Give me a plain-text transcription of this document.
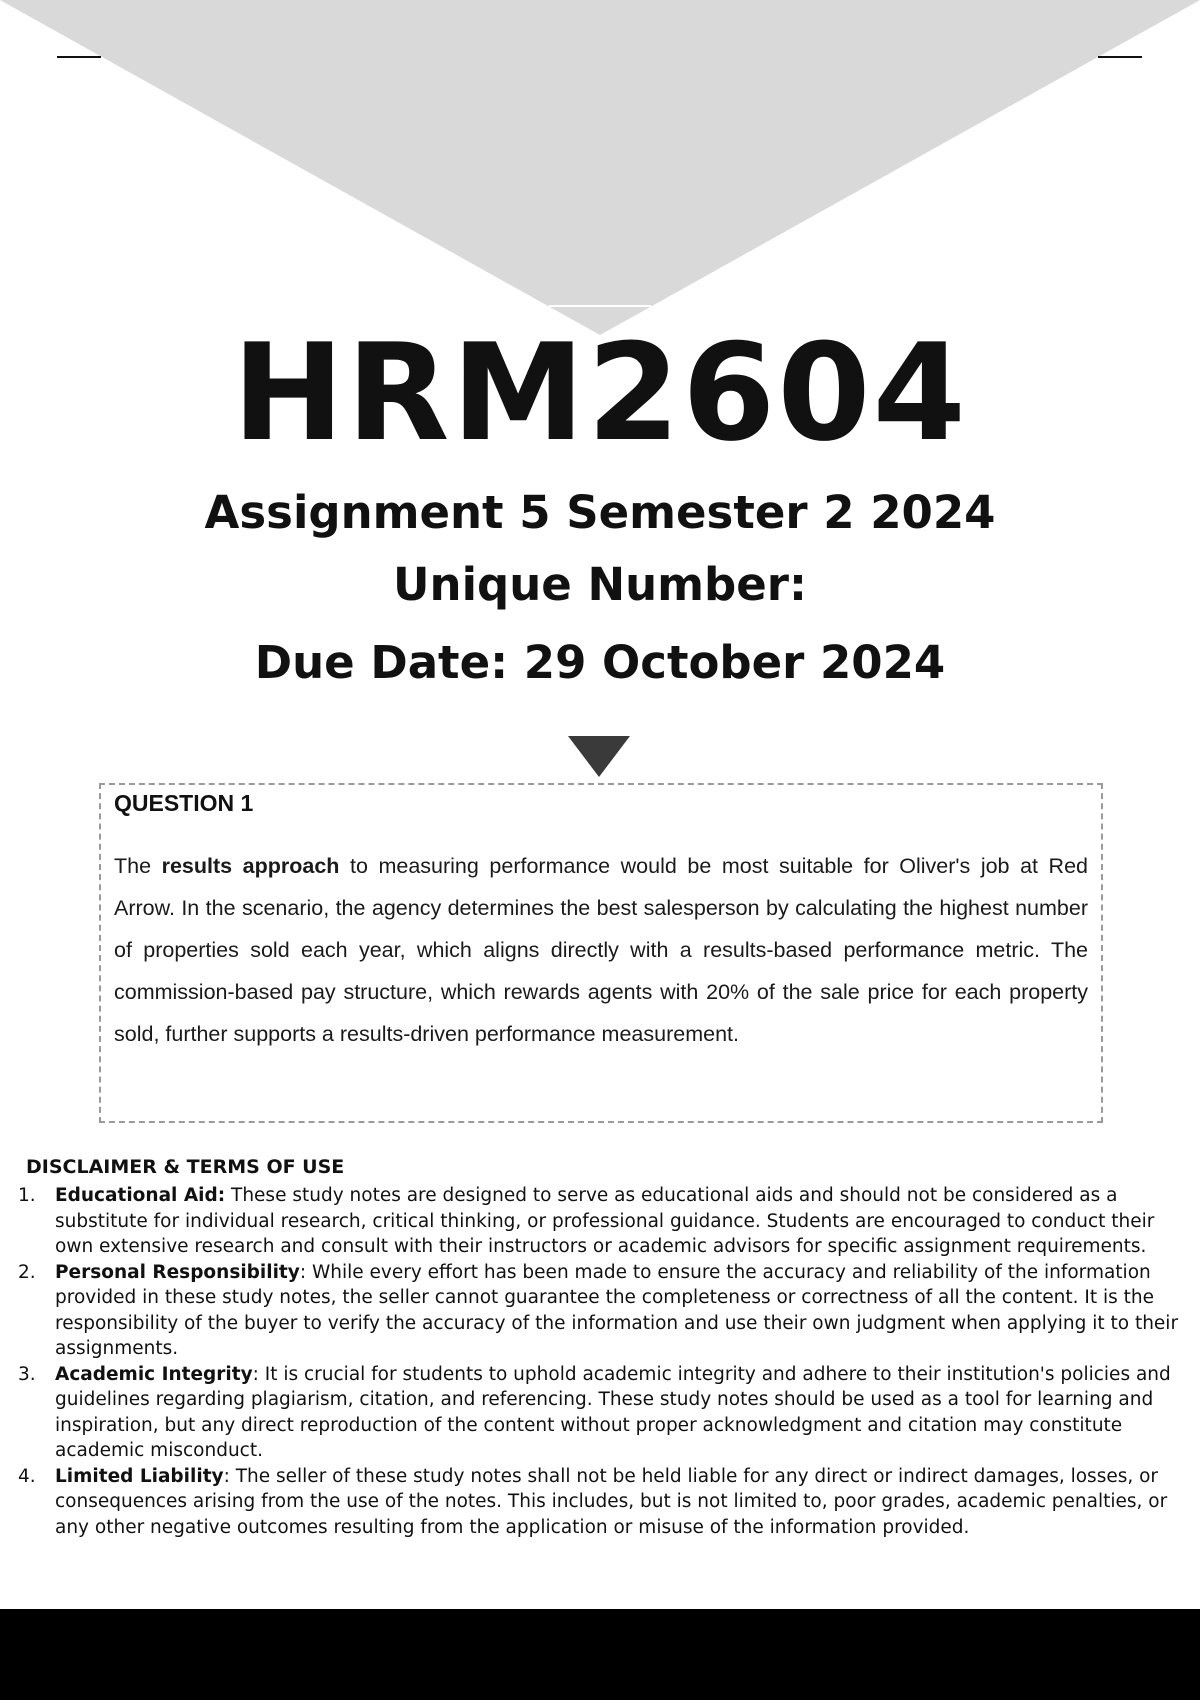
HRM2604
Assignment 5 Semester 2 2024
Unique Number:
Due Date: 29 October 2024
QUESTION 1

The results approach to measuring performance would be most suitable for Oliver's job at Red Arrow. In the scenario, the agency determines the best salesperson by calculating the highest number of properties sold each year, which aligns directly with a results-based performance metric. The commission-based pay structure, which rewards agents with 20% of the sale price for each property sold, further supports a results-driven performance measurement.

DISCLAIMER & TERMS OF USE
1. Educational Aid: These study notes are designed to serve as educational aids and should not be considered as a substitute for individual research, critical thinking, or professional guidance. Students are encouraged to conduct their own extensive research and consult with their instructors or academic advisors for specific assignment requirements.
2. Personal Responsibility: While every effort has been made to ensure the accuracy and reliability of the information provided in these study notes, the seller cannot guarantee the completeness or correctness of all the content. It is the responsibility of the buyer to verify the accuracy of the information and use their own judgment when applying it to their assignments.
3. Academic Integrity: It is crucial for students to uphold academic integrity and adhere to their institution's policies and guidelines regarding plagiarism, citation, and referencing. These study notes should be used as a tool for learning and inspiration, but any direct reproduction of the content without proper acknowledgment and citation may constitute academic misconduct.
4. Limited Liability: The seller of these study notes shall not be held liable for any direct or indirect damages, losses, or consequences arising from the use of the notes. This includes, but is not limited to, poor grades, academic penalties, or any other negative outcomes resulting from the application or misuse of the information provided.
